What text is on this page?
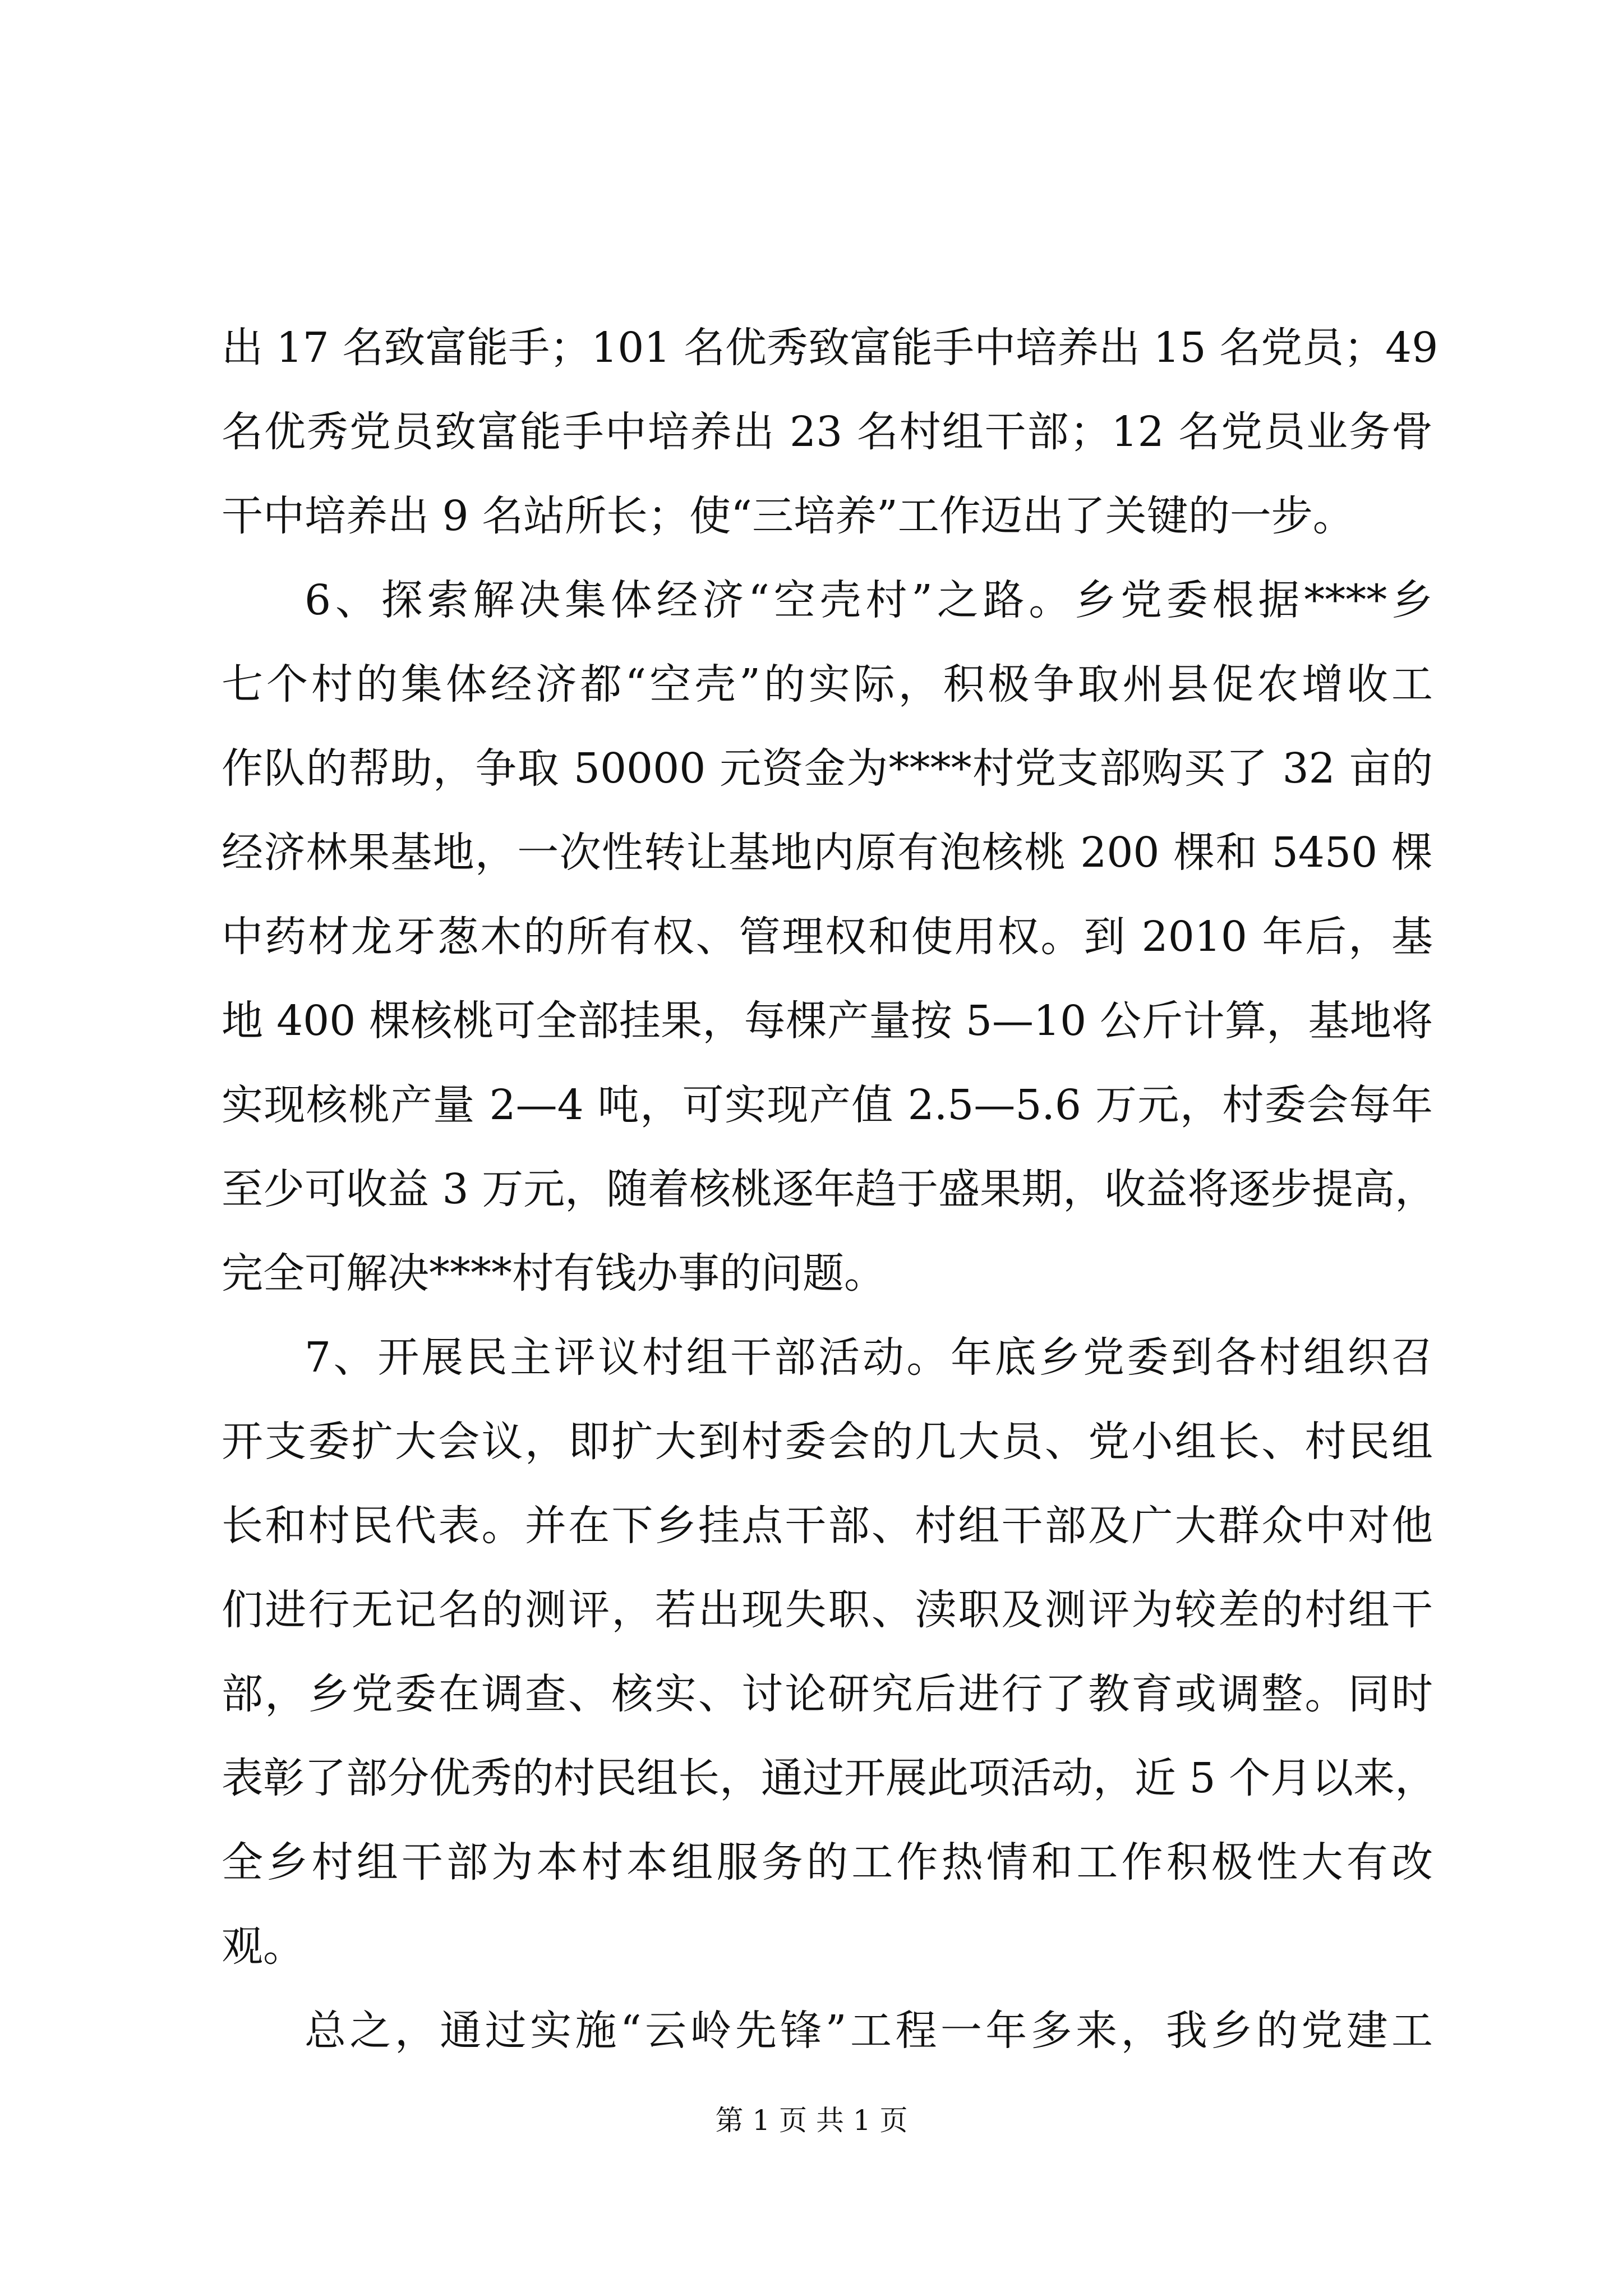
出 17 名致富能手；101 名优秀致富能手中培养出 15 名党员；49
名优秀党员致富能手中培养出 23 名村组干部；12 名党员业务骨
干中培养出 9 名站所长；使“三培养”工作迈出了关键的一步。
6、探索解决集体经济“空壳村”之路。乡党委根据****乡
七个村的集体经济都“空壳”的实际，积极争取州县促农增收工
作队的帮助，争取 50000 元资金为****村党支部购买了 32 亩的
经济林果基地，一次性转让基地内原有泡核桃 200 棵和 5450 棵
中药材龙牙葱木的所有权、管理权和使用权。到 2010 年后，基
地 400 棵核桃可全部挂果，每棵产量按 5—10 公斤计算，基地将
实现核桃产量 2—4 吨，可实现产值 2.5—5.6 万元，村委会每年
至少可收益 3 万元，随着核桃逐年趋于盛果期，收益将逐步提高，
完全可解决****村有钱办事的问题。
7、开展民主评议村组干部活动。年底乡党委到各村组织召
开支委扩大会议，即扩大到村委会的几大员、党小组长、村民组
长和村民代表。并在下乡挂点干部、村组干部及广大群众中对他
们进行无记名的测评，若出现失职、渎职及测评为较差的村组干
部，乡党委在调查、核实、讨论研究后进行了教育或调整。同时
表彰了部分优秀的村民组长，通过开展此项活动，近 5 个月以来，
全乡村组干部为本村本组服务的工作热情和工作积极性大有改
观。
总之，通过实施“云岭先锋”工程一年多来，我乡的党建工
第 1 页 共 1 页
